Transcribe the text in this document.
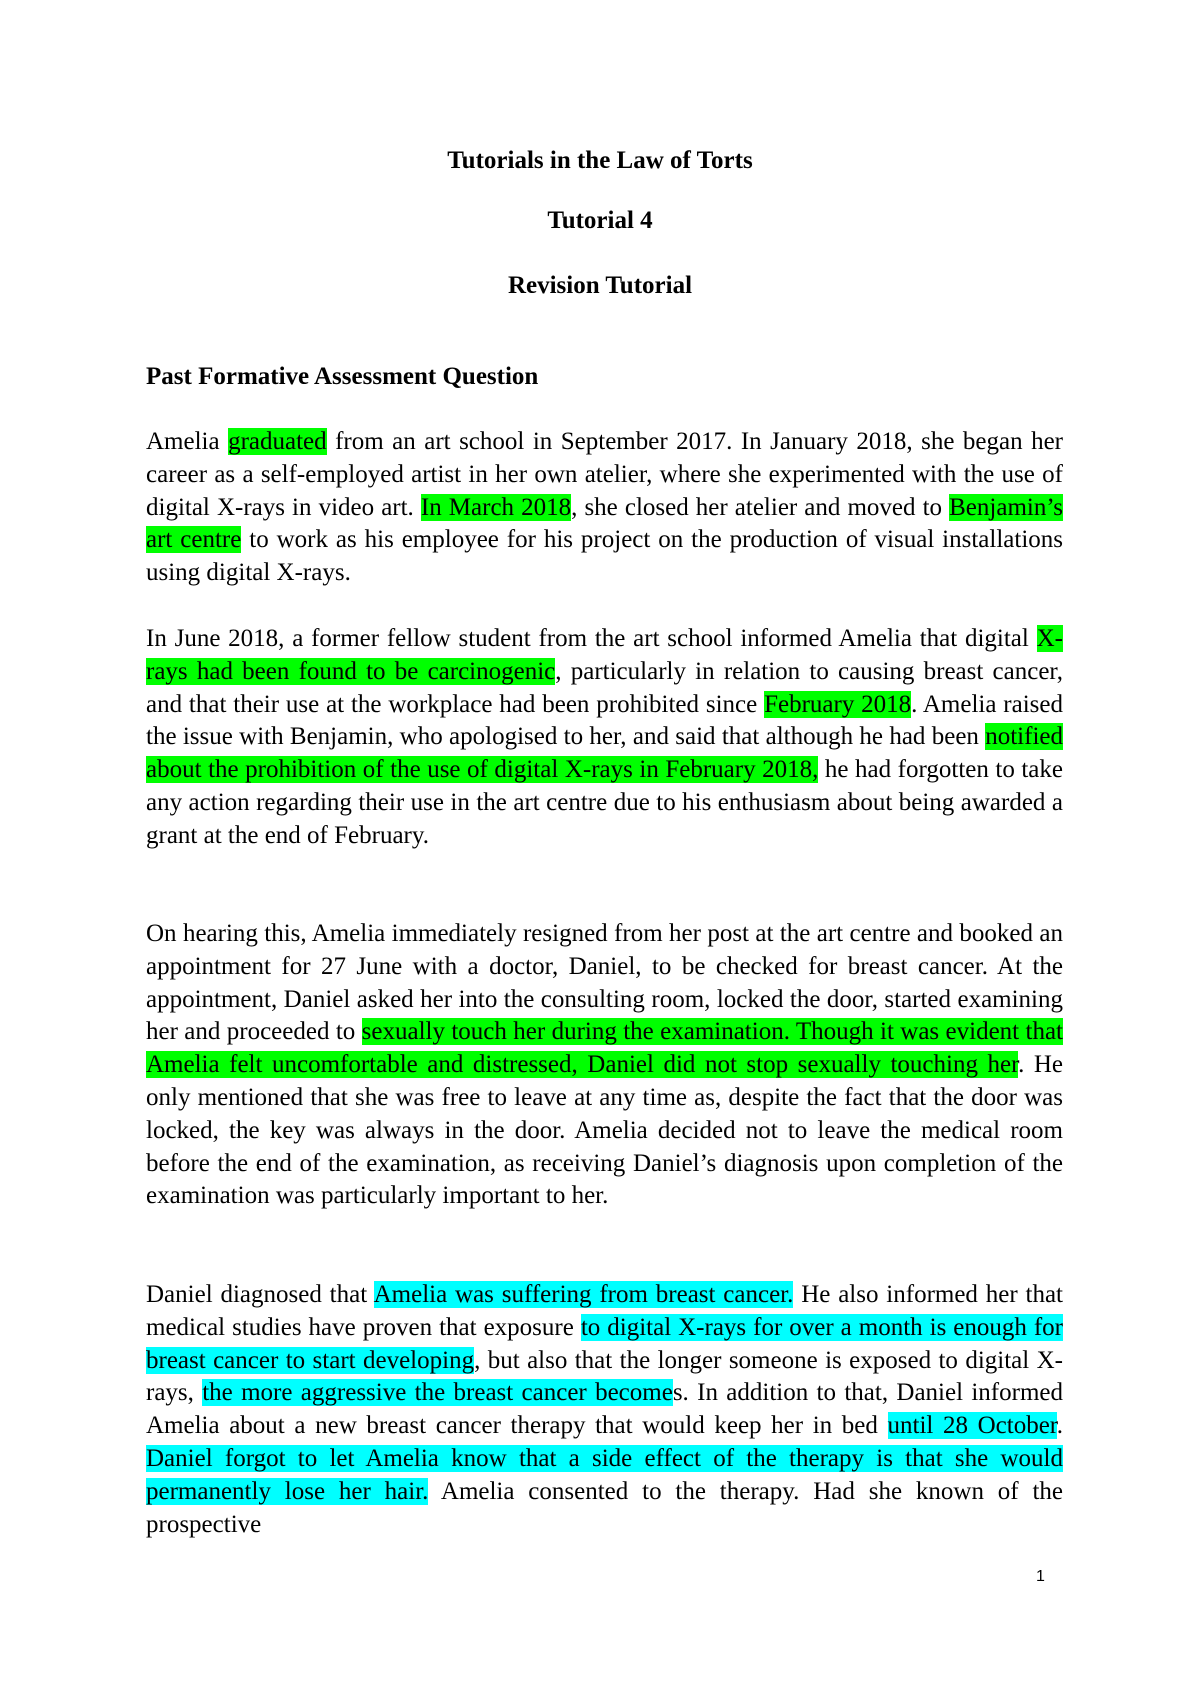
Tutorials in the Law of Torts
Tutorial 4
Revision Tutorial

Past Formative Assessment Question

Amelia graduated from an art school in September 2017. In January 2018, she began her career as a self-employed artist in her own atelier, where she experimented with the use of digital X-rays in video art. In March 2018, she closed her atelier and moved to Benjamin’s art centre to work as his employee for his project on the production of visual installations using digital X-rays.

In June 2018, a former fellow student from the art school informed Amelia that digital X-rays had been found to be carcinogenic, particularly in relation to causing breast cancer, and that their use at the workplace had been prohibited since February 2018. Amelia raised the issue with Benjamin, who apologised to her, and said that although he had been notified about the prohibition of the use of digital X-rays in February 2018, he had forgotten to take any action regarding their use in the art centre due to his enthusiasm about being awarded a grant at the end of February.

On hearing this, Amelia immediately resigned from her post at the art centre and booked an appointment for 27 June with a doctor, Daniel, to be checked for breast cancer. At the appointment, Daniel asked her into the consulting room, locked the door, started examining her and proceeded to sexually touch her during the examination. Though it was evident that Amelia felt uncomfortable and distressed, Daniel did not stop sexually touching her. He only mentioned that she was free to leave at any time as, despite the fact that the door was locked, the key was always in the door. Amelia decided not to leave the medical room before the end of the examination, as receiving Daniel’s diagnosis upon completion of the examination was particularly important to her.

Daniel diagnosed that Amelia was suffering from breast cancer. He also informed her that medical studies have proven that exposure to digital X-rays for over a month is enough for breast cancer to start developing, but also that the longer someone is exposed to digital X-rays, the more aggressive the breast cancer becomes. In addition to that, Daniel informed Amelia about a new breast cancer therapy that would keep her in bed until 28 October. Daniel forgot to let Amelia know that a side effect of the therapy is that she would permanently lose her hair. Amelia consented to the therapy. Had she known of the prospective

1
